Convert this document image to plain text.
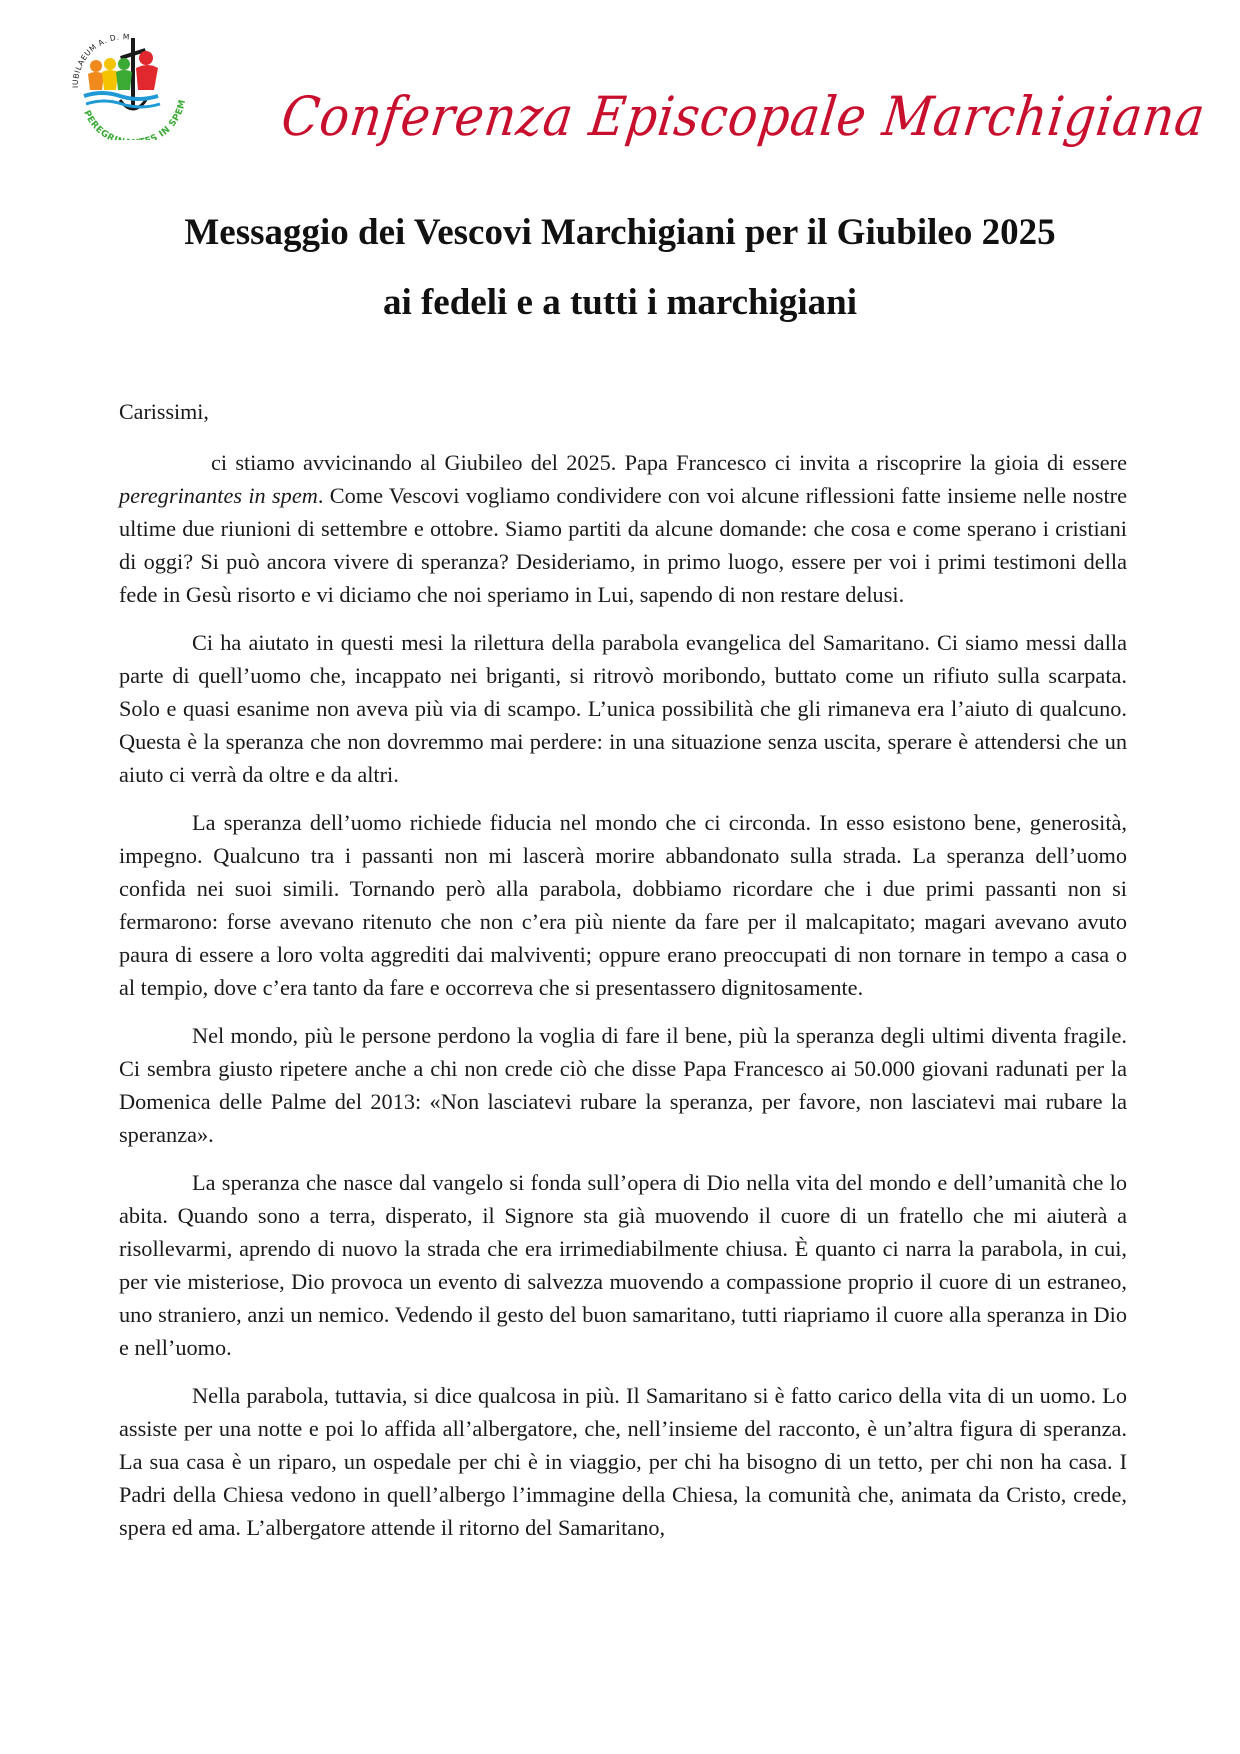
IUBILAEUM A. D. M
PEREGR S IN SPEM Conferenza Episcopale Marchigiana
Messaggio dei Vescovi Marchigiani per il Giubileo 2025
ai fedeli e a tutti i marchigiani

Carissimi,

ci stiamo avvicinando al Giubileo del 2025. Papa Francesco ci invita a riscoprire la gioia di essere peregrinantes in spem. Come Vescovi vogliamo condividere con voi alcune riflessioni fatte insieme nelle nostre ultime due riunioni di settembre e ottobre. Siamo partiti da alcune domande: che cosa e come sperano i cristiani di oggi? Si può ancora vivere di speranza? Desideriamo, in primo luogo, essere per voi i primi testimoni della fede in Gesù risorto e vi diciamo che noi speriamo in Lui, sapendo di non restare delusi.

Ci ha aiutato in questi mesi la rilettura della parabola evangelica del Samaritano. Ci siamo messi dalla parte di quell’uomo che, incappato nei briganti, si ritrovò moribondo, buttato come un rifiuto sulla scarpata. Solo e quasi esanime non aveva più via di scampo. L’unica possibilità che gli rimaneva era l’aiuto di qualcuno. Questa è la speranza che non dovremmo mai perdere: in una situazione senza uscita, sperare è attendersi che un aiuto ci verrà da oltre e da altri.

La speranza dell’uomo richiede fiducia nel mondo che ci circonda. In esso esistono bene, generosità, impegno. Qualcuno tra i passanti non mi lascerà morire abbandonato sulla strada. La speranza dell’uomo confida nei suoi simili. Tornando però alla parabola, dobbiamo ricordare che i due primi passanti non si fermarono: forse avevano ritenuto che non c’era più niente da fare per il malcapitato; magari avevano avuto paura di essere a loro volta aggrediti dai malviventi; oppure erano preoccupati di non tornare in tempo a casa o al tempio, dove c’era tanto da fare e occorreva che si presentassero dignitosamente.

Nel mondo, più le persone perdono la voglia di fare il bene, più la speranza degli ultimi diventa fragile. Ci sembra giusto ripetere anche a chi non crede ciò che disse Papa Francesco ai 50.000 giovani radunati per la Domenica delle Palme del 2013: «Non lasciatevi rubare la speranza, per favore, non lasciatevi mai rubare la speranza».

La speranza che nasce dal vangelo si fonda sull’opera di Dio nella vita del mondo e dell’umanità che lo abita. Quando sono a terra, disperato, il Signore sta già muovendo il cuore di un fratello che mi aiuterà a risollevarmi, aprendo di nuovo la strada che era irrimediabilmente chiusa. È quanto ci narra la parabola, in cui, per vie misteriose, Dio provoca un evento di salvezza muovendo a compassione proprio il cuore di un estraneo, uno straniero, anzi un nemico. Vedendo il gesto del buon samaritano, tutti riapriamo il cuore alla speranza in Dio e nell’uomo.

Nella parabola, tuttavia, si dice qualcosa in più. Il Samaritano si è fatto carico della vita di un uomo. Lo assiste per una notte e poi lo affida all’albergatore, che, nell’insieme del racconto, è un’altra figura di speranza. La sua casa è un riparo, un ospedale per chi è in viaggio, per chi ha bisogno di un tetto, per chi non ha casa. I Padri della Chiesa vedono in quell’albergo l’immagine della Chiesa, la comunità che, animata da Cristo, crede, spera ed ama. L’albergatore attende il ritorno del Samaritano,
